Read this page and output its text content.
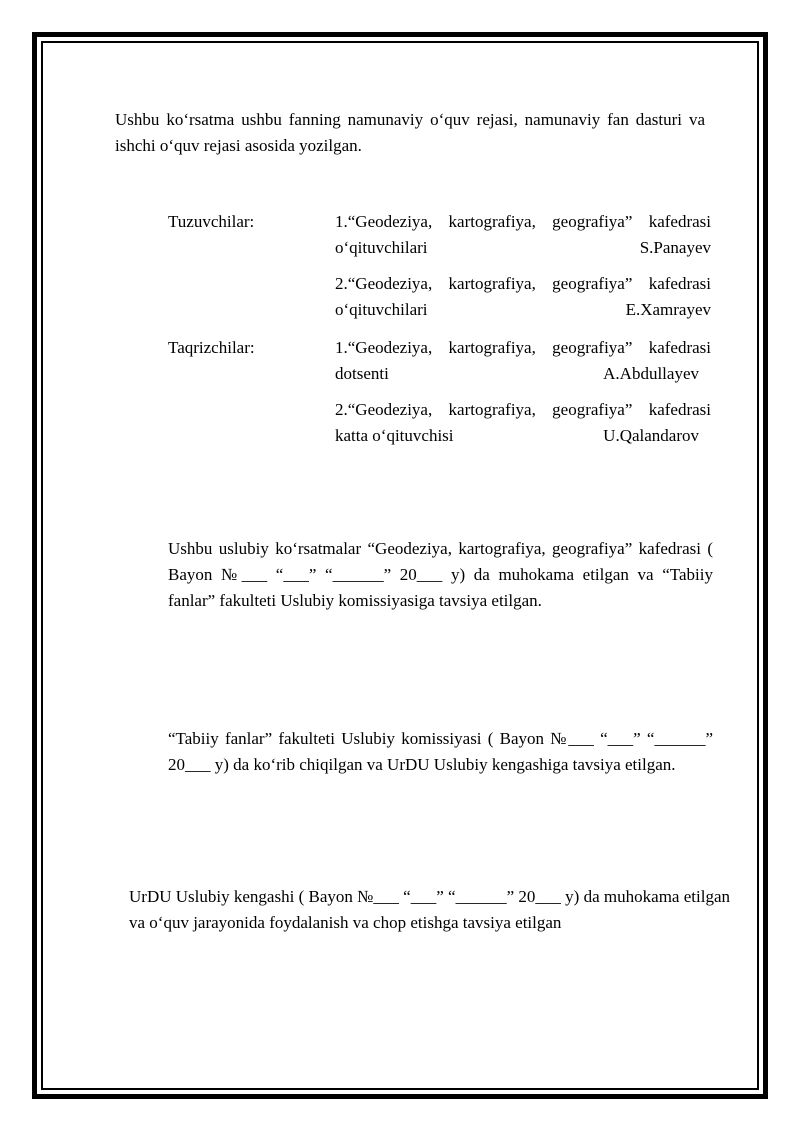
Ushbu ko‘rsatma ushbu fanning namunaviy o‘quv rejasi, namunaviy fan dasturi va ishchi o‘quv rejasi asosida yozilgan.
Tuzuvchilar:	1.“Geodeziya, kartografiya, geografiya” kafedrasi
o‘qituvchilari	S.Panayev
2.“Geodeziya, kartografiya, geografiya” kafedrasi
o‘qituvchilari	E.Xamrayev
Taqrizchilar:	1.“Geodeziya, kartografiya, geografiya” kafedrasi
dotsenti	A.Abdullayev
2.“Geodeziya, kartografiya, geografiya” kafedrasi
katta o‘qituvchisi	U.Qalandarov
Ushbu uslubiy ko‘rsatmalar “Geodeziya, kartografiya, geografiya” kafedrasi ( Bayon №___ “___” “______” 20___ y) da muhokama etilgan va “Tabiiy fanlar” fakulteti Uslubiy komissiyasiga tavsiya etilgan.
“Tabiiy fanlar” fakulteti Uslubiy komissiyasi ( Bayon №___ “___” “______” 20___ y) da ko‘rib chiqilgan va UrDU Uslubiy kengashiga tavsiya etilgan.
UrDU Uslubiy kengashi ( Bayon №___ “___” “______” 20___ y) da muhokama etilgan va o‘quv jarayonida foydalanish va chop etishga tavsiya etilgan
